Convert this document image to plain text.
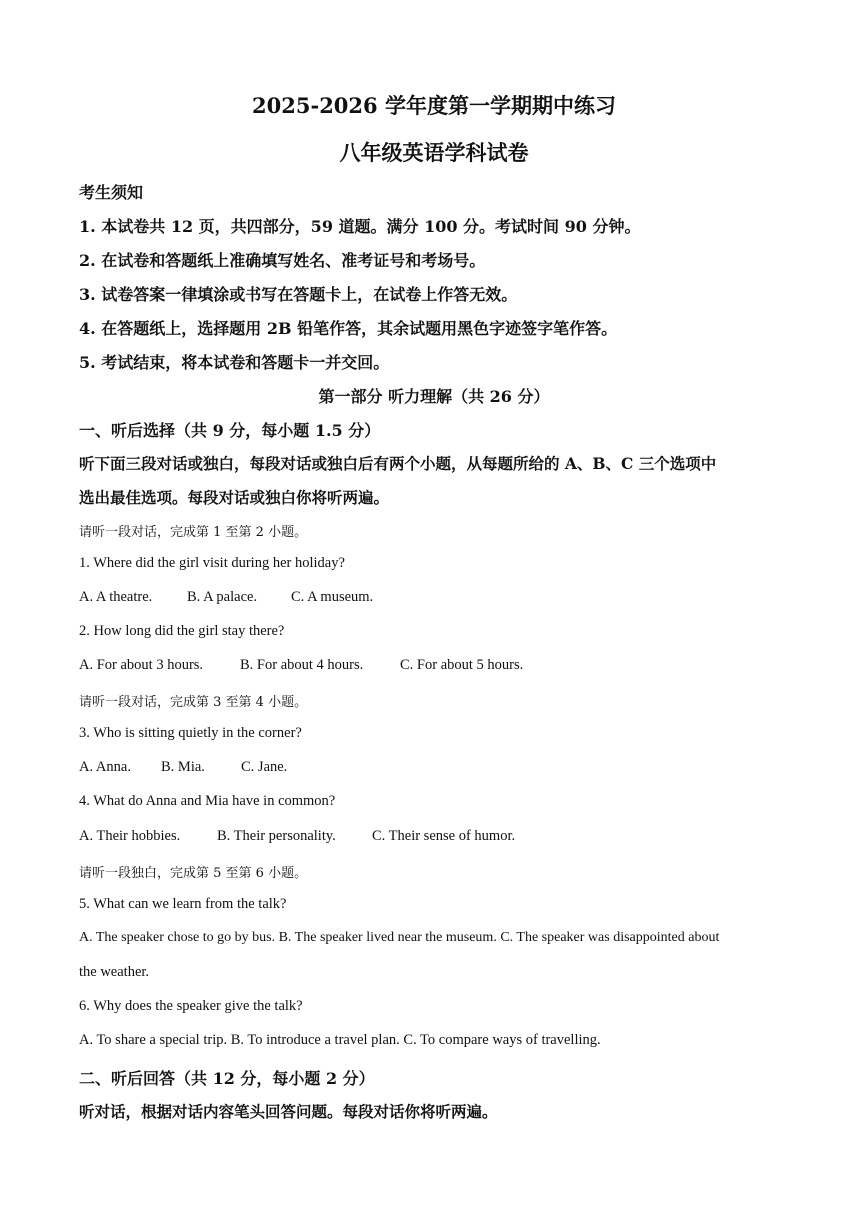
2025-2026 学年度第一学期期中练习
八年级英语学科试卷
考生须知
1. 本试卷共 12 页，共四部分，59 道题。满分 100 分。考试时间 90 分钟。
2. 在试卷和答题纸上准确填写姓名、准考证号和考场号。
3. 试卷答案一律填涂或书写在答题卡上，在试卷上作答无效。
4. 在答题纸上，选择题用 2B 铅笔作答，其余试题用黑色字迹签字笔作答。
5. 考试结束，将本试卷和答题卡一并交回。
第一部分 听力理解（共 26 分）
一、听后选择（共 9 分，每小题 1.5 分）
听下面三段对话或独白，每段对话或独白后有两个小题，从每题所给的 A、B、C 三个选项中
选出最佳选项。每段对话或独白你将听两遍。
请听一段对话，完成第 1 至第 2 小题。
1. Where did the girl visit during her holiday?
A. A theatre. B. A palace. C. A museum.
2. How long did the girl stay there?
A. For about 3 hours.	B. For about 4 hours.	C. For about 5 hours.
请听一段对话，完成第 3 至第 4 小题。
3. Who is sitting quietly in the corner?
A. Anna. B. Mia. C. Jane.
4. What do Anna and Mia have in common?
A. Their hobbies.	B. Their personality. C. Their sense of humor.
请听一段独白，完成第 5 至第 6 小题。
5. What can we learn from the talk?
A. The speaker chose to go by bus. B. The speaker lived near the museum. C. The speaker was disappointed about
the weather.
6. Why does the speaker give the talk?
A. To share a special trip. B. To introduce a travel plan. C. To compare ways of travelling.
二、听后回答（共 12 分，每小题 2 分）
听对话，根据对话内容笔头回答问题。每段对话你将听两遍。
